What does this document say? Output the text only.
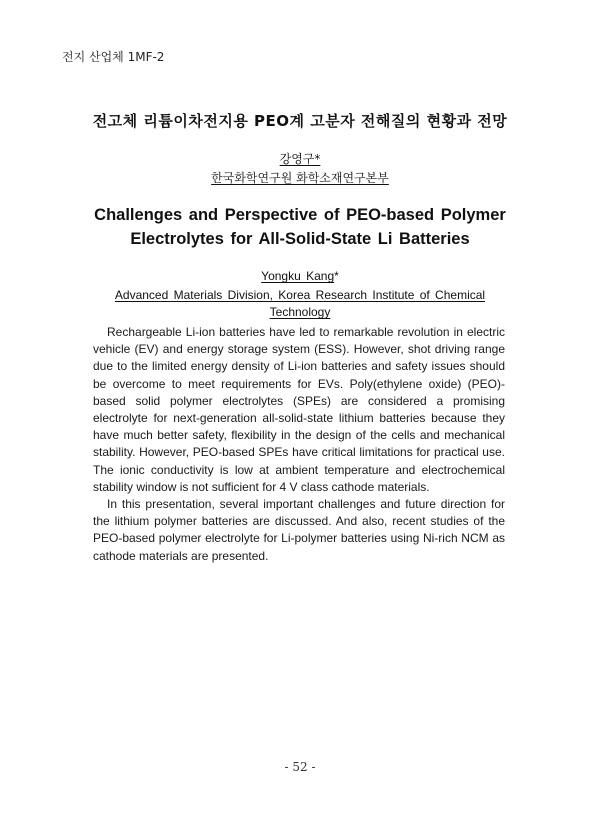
전지 산업체 1MF-2
전고체 리튬이차전지용 PEO계 고분자 전해질의 현황과 전망
강영구*
한국화학연구원 화학소재연구본부
Challenges and Perspective of PEO-based Polymer
Electrolytes for All-Solid-State Li Batteries
Yongku Kang*
Advanced Materials Division, Korea Research Institute of Chemical
Technology

Rechargeable Li-ion batteries have led to remarkable revolution in electric vehicle (EV) and energy storage system (ESS). However, shot driving range due to the limited energy density of Li-ion batteries and safety issues should be overcome to meet requirements for EVs. Poly(ethylene oxide) (PEO)-based solid polymer electrolytes (SPEs) are considered a promising electrolyte for next-generation all-solid-state lithium batteries because they have much better safety, flexibility in the design of the cells and mechanical stability. However, PEO-based SPEs have critical limitations for practical use. The ionic conductivity is low at ambient temperature and electrochemical stability window is not sufficient for 4 V class cathode materials.

In this presentation, several important challenges and future direction for the lithium polymer batteries are discussed. And also, recent studies of the PEO-based polymer electrolyte for Li-polymer batteries using Ni-rich NCM as cathode materials are presented.

- 52 -
